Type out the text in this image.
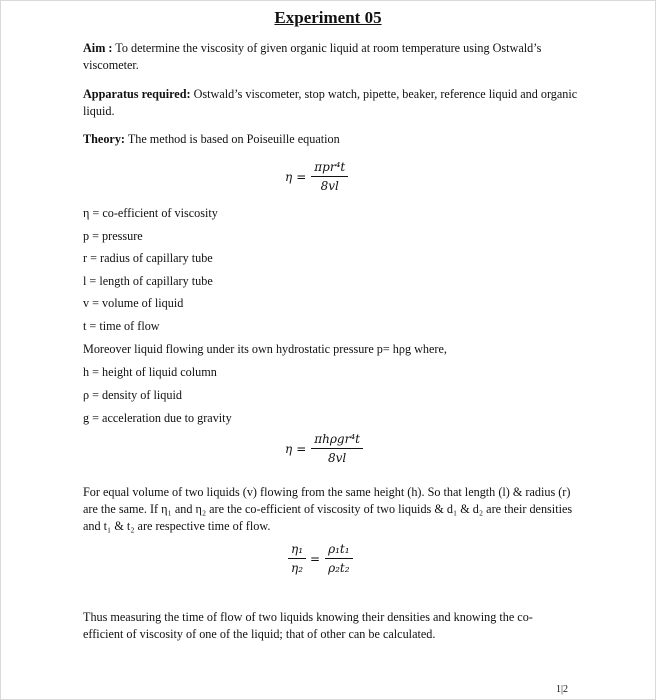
Experiment 05
Aim : To determine the viscosity of given organic liquid at room temperature using Ostwald’s viscometer.
Apparatus required: Ostwald’s viscometer, stop watch, pipette, beaker, reference liquid and organic liquid.
Theory: The method is based on Poiseuille equation
$\eta = \frac{\text{πpr⁴t}}{8vl}$
η = co-efficient of viscosity
p = pressure
r = radius of capillary tube
l = length of capillary tube
v = volume of liquid
t = time of flow
Moreover liquid flowing under its own hydrostatic pressure p= hρg where,
h = height of liquid column
ρ = density of liquid
g = acceleration due to gravity
$\eta = \frac{\text{πhρgr⁴t}}{8vl}$
For equal volume of two liquids (v) flowing from the same height (h). So that length (l) & radius (r) are the same. If η₁ and η₂ are the co-efficient of viscosity of two liquids & d₁ & d₂ are their densities and t₁ & t₂ are respective time of flow.
$\frac{\text{η₁}}{\text{η₂}} = \frac{\text{ρ₁t₁}}{\text{ρ₂t₂}}$
Thus measuring the time of flow of two liquids knowing their densities and knowing the co-efficient of viscosity of one of the liquid; that of other can be calculated.
1|2
